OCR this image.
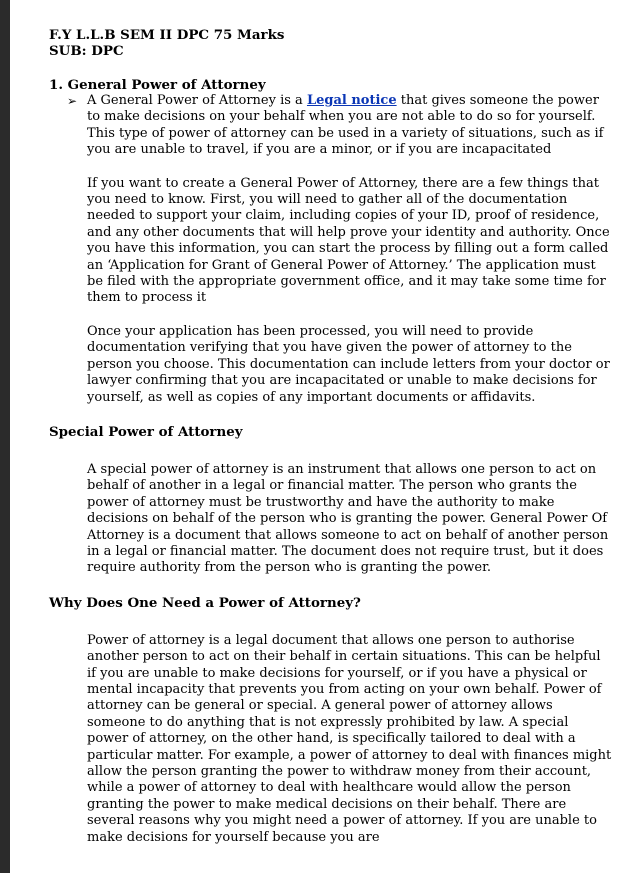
F.Y L.L.B SEM II DPC 75 Marks
SUB: DPC
1. General Power of Attorney
➢ A General Power of Attorney is a Legal notice that gives someone the power to make decisions on your behalf when you are not able to do so for yourself. This type of power of attorney can be used in a variety of situations, such as if you are unable to travel, if you are a minor, or if you are incapacitated

If you want to create a General Power of Attorney, there are a few things that you need to know. First, you will need to gather all of the documentation needed to support your claim, including copies of your ID, proof of residence, and any other documents that will help prove your identity and authority. Once you have this information, you can start the process by filling out a form called an ‘Application for Grant of General Power of Attorney.’ The application must be filed with the appropriate government office, and it may take some time for them to process it

Once your application has been processed, you will need to provide documentation verifying that you have given the power of attorney to the person you choose. This documentation can include letters from your doctor or lawyer confirming that you are incapacitated or unable to make decisions for yourself, as well as copies of any important documents or affidavits.

Special Power of Attorney

A special power of attorney is an instrument that allows one person to act on behalf of another in a legal or financial matter. The person who grants the power of attorney must be trustworthy and have the authority to make decisions on behalf of the person who is granting the power. General Power Of Attorney is a document that allows someone to act on behalf of another person in a legal or financial matter. The document does not require trust, but it does require authority from the person who is granting the power.

Why Does One Need a Power of Attorney?

Power of attorney is a legal document that allows one person to authorise another person to act on their behalf in certain situations. This can be helpful if you are unable to make decisions for yourself, or if you have a physical or mental incapacity that prevents you from acting on your own behalf. Power of attorney can be general or special. A general power of attorney allows someone to do anything that is not expressly prohibited by law. A special power of attorney, on the other hand, is specifically tailored to deal with a particular matter. For example, a power of attorney to deal with finances might allow the person granting the power to withdraw money from their account, while a power of attorney to deal with healthcare would allow the person granting the power to make medical decisions on their behalf. There are several reasons why you might need a power of attorney. If you are unable to make decisions for yourself because you are
